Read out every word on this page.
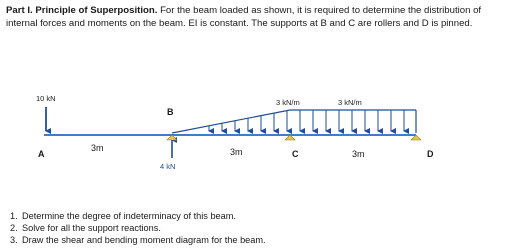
Part I. Principle of Superposition. For the beam loaded as shown, it is required to determine the distribution of internal forces and moments on the beam. EI is constant. The supports at B and C are rollers and D is pinned.
10 kN	3 kN/m	3 kN/m
4 kN
A
B
C	D
3m	3m	3m
1. Determine the degree of indeterminacy of this beam.
2. Solve for all the support reactions.
3. Draw the shear and bending moment diagram for the beam.
